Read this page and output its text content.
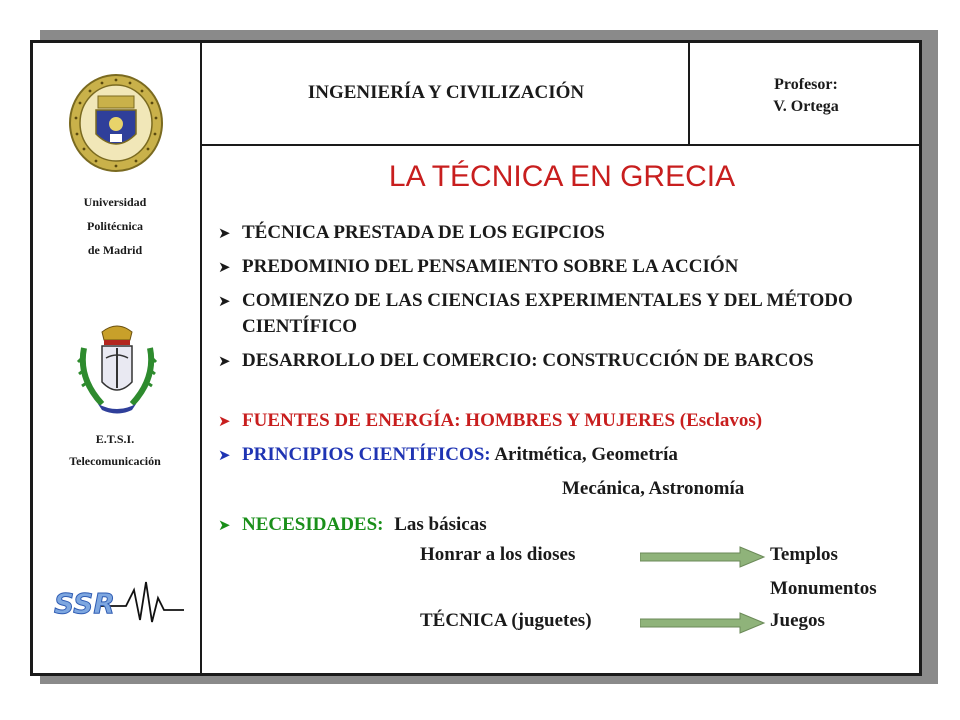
INGENIERÍA Y CIVILIZACIÓN	Profesor:
V. Ortega
Universidad
Politécnica
de Madrid
E.T.S.I.
Telecomunicación
SSR
LA TÉCNICA EN GRECIA
➤ TÉCNICA PRESTADA DE LOS EGIPCIOS
➤ PREDOMINIO DEL PENSAMIENTO SOBRE LA ACCIÓN
➤ COMIENZO DE LAS CIENCIAS EXPERIMENTALES Y DEL MÉTODO CIENTÍFICO
➤ DESARROLLO DEL COMERCIO: CONSTRUCCIÓN DE BARCOS
➤ FUENTES DE ENERGÍA: HOMBRES Y MUJERES (Esclavos)
➤ PRINCIPIOS CIENTÍFICOS: Aritmética, Geometría
Mecánica, Astronomía
➤ NECESIDADES: Las básicas
Honrar a los dioses	Templos
Monumentos
TÉCNICA (juguetes)	Juegos
